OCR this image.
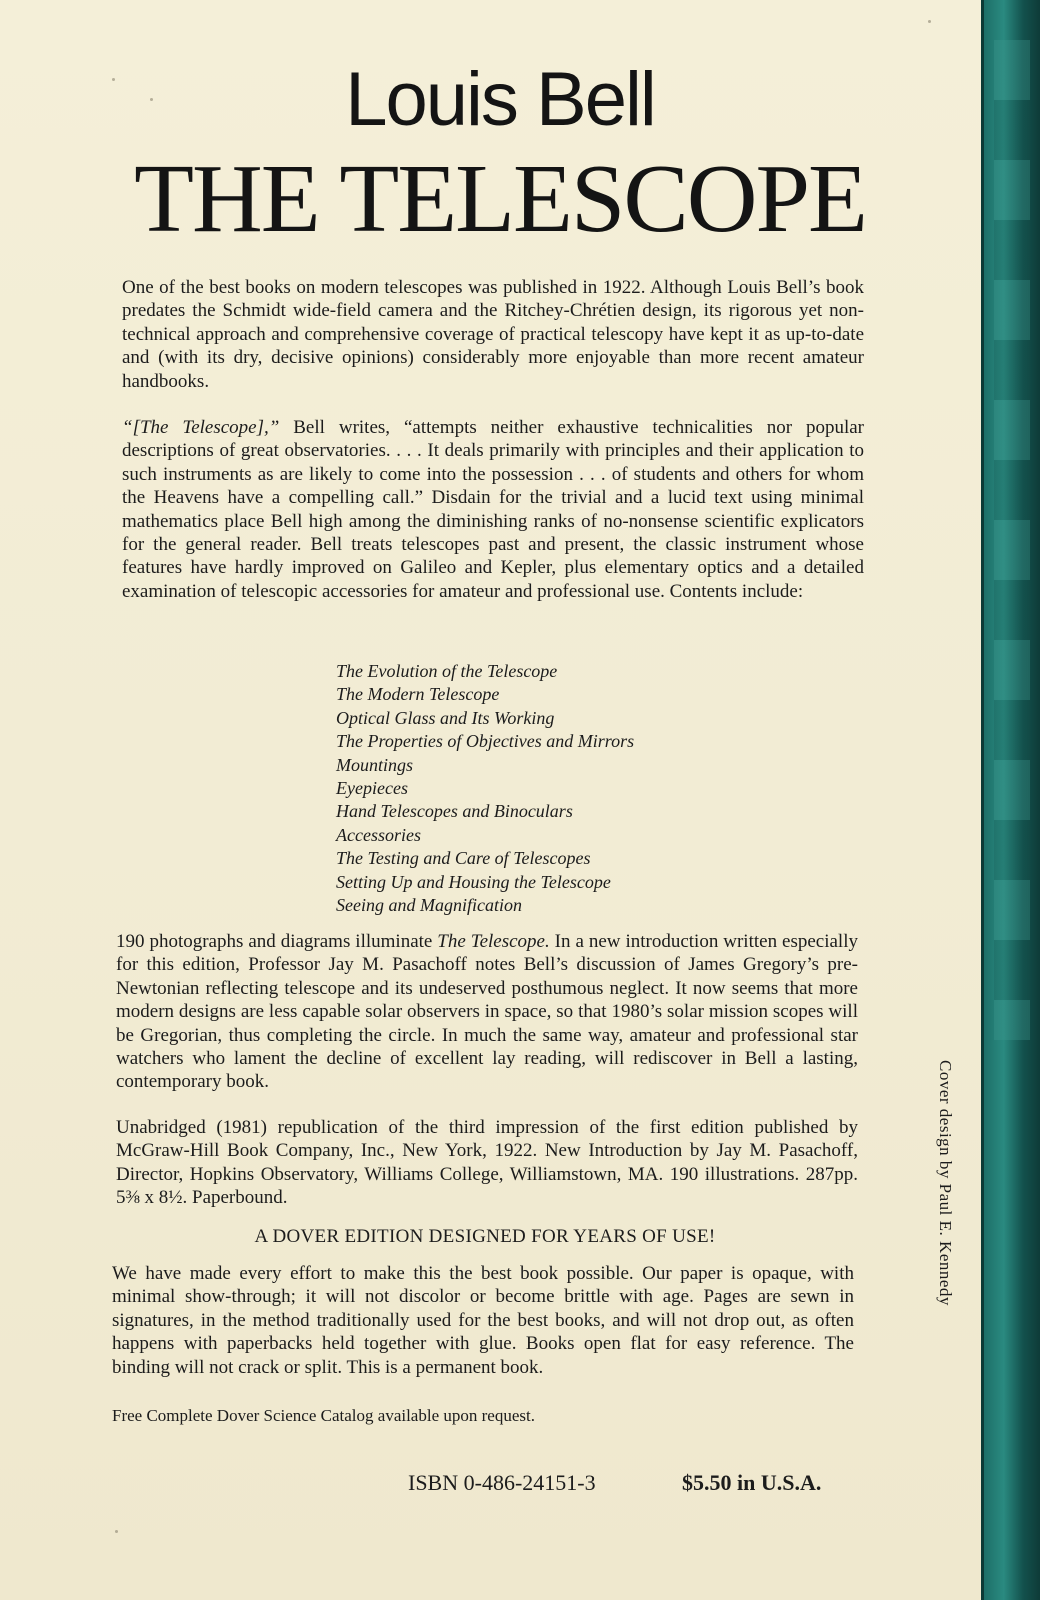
Louis Bell
THE TELESCOPE

One of the best books on modern telescopes was published in 1922. Although Louis Bell’s book predates the Schmidt wide-field camera and the Ritchey-Chrétien design, its rigorous yet non-technical approach and comprehensive coverage of practical telescopy have kept it as up-to-date and (with its dry, decisive opinions) considerably more enjoyable than more recent amateur handbooks.

“[The Telescope],” Bell writes, “attempts neither exhaustive technicalities nor popular descriptions of great observatories. . . . It deals primarily with principles and their application to such instruments as are likely to come into the possession . . . of students and others for whom the Heavens have a compelling call.” Disdain for the trivial and a lucid text using minimal mathematics place Bell high among the diminishing ranks of no-nonsense scientific explicators for the general reader. Bell treats telescopes past and present, the classic instrument whose features have hardly improved on Galileo and Kepler, plus elementary optics and a detailed examination of telescopic accessories for amateur and professional use. Contents include:

The Evolution of the Telescope
The Modern Telescope
Optical Glass and Its Working
The Properties of Objectives and Mirrors
Mountings
Eyepieces
Hand Telescopes and Binoculars
Accessories
The Testing and Care of Telescopes
Setting Up and Housing the Telescope
Seeing and Magnification

190 photographs and diagrams illuminate The Telescope. In a new introduction written especially for this edition, Professor Jay M. Pasachoff notes Bell’s discussion of James Gregory’s pre-Newtonian reflecting telescope and its undeserved posthumous neglect. It now seems that more modern designs are less capable solar observers in space, so that 1980’s solar mission scopes will be Gregorian, thus completing the circle. In much the same way, amateur and professional star watchers who lament the decline of excellent lay reading, will rediscover in Bell a lasting, contemporary book.

Unabridged (1981) republication of the third impression of the first edition published by McGraw-Hill Book Company, Inc., New York, 1922. New Introduction by Jay M. Pasachoff, Director, Hopkins Observatory, Williams College, Williamstown, MA. 190 illustrations. 287pp. 5⅜ x 8½. Paperbound.

A DOVER EDITION DESIGNED FOR YEARS OF USE!

We have made every effort to make this the best book possible. Our paper is opaque, with minimal show-through; it will not discolor or become brittle with age. Pages are sewn in signatures, in the method traditionally used for the best books, and will not drop out, as often happens with paperbacks held together with glue. Books open flat for easy reference. The binding will not crack or split. This is a permanent book.

Free Complete Dover Science Catalog available upon request.
ISBN 0-486-24151-3	$5.50 in U.S.A.
Cover design by Paul E. Kennedy
